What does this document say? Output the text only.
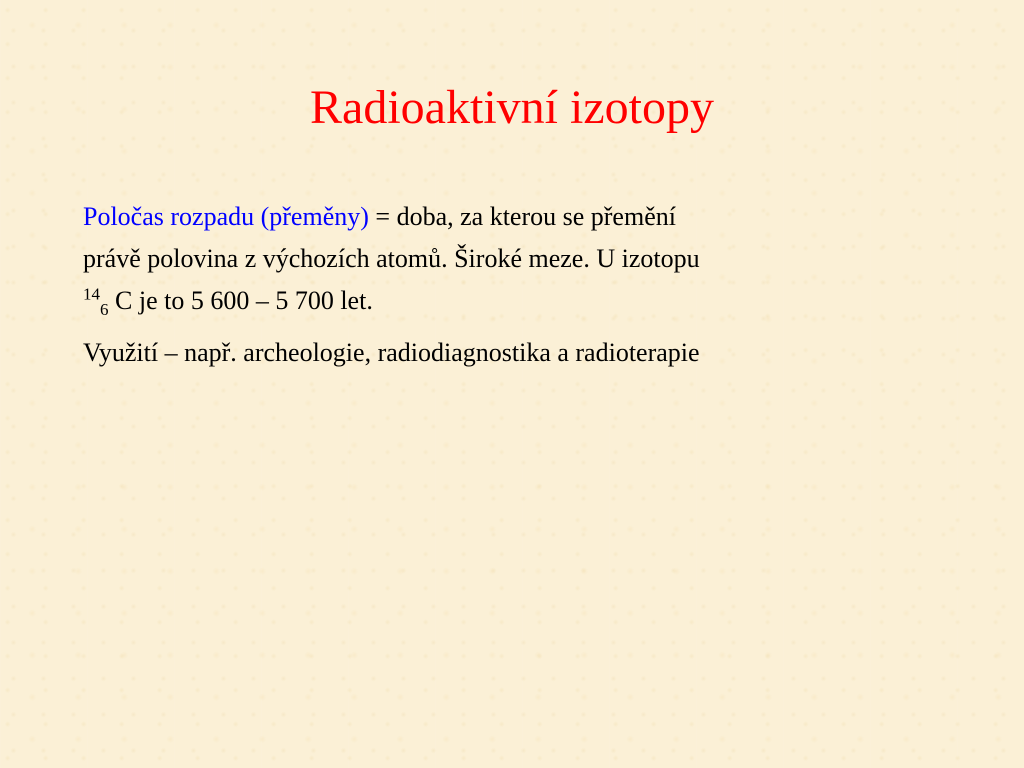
Radioaktivní izotopy

Poločas rozpadu (přeměny) = doba, za kterou se přemění
právě polovina z výchozích atomů. Široké meze. U izotopu
$^{14}_6$ C je to 5 600 – 5 700 let.

Využití – např. archeologie, radiodiagnostika a radioterapie
